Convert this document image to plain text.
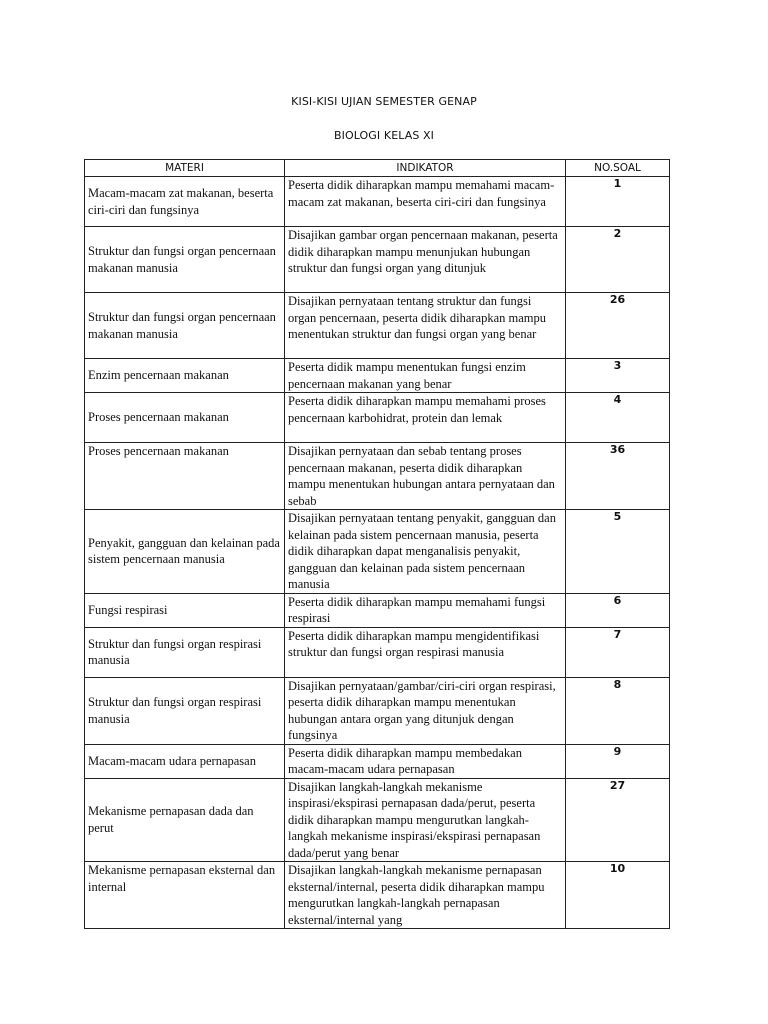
KISI-KISI UJIAN SEMESTER GENAP
BIOLOGI KELAS XI
MATERI	INDIKATOR	NO.SOAL
Macam-macam zat makanan, beserta ciri-ciri dan fungsinya	Peserta didik diharapkan mampu memahami macam-macam zat makanan, beserta ciri-ciri dan fungsinya	1
Struktur dan fungsi organ pencernaan makanan manusia	Disajikan gambar organ pencernaan makanan, peserta didik diharapkan mampu menunjukan hubungan struktur dan fungsi organ yang ditunjuk	2
Struktur dan fungsi organ pencernaan makanan manusia	Disajikan pernyataan tentang struktur dan fungsi organ pencernaan, peserta didik diharapkan mampu menentukan struktur dan fungsi organ yang benar	26
Enzim pencernaan makanan	Peserta didik mampu menentukan fungsi enzim pencernaan makanan yang benar	3
Proses pencernaan makanan	Peserta didik diharapkan mampu memahami proses pencernaan karbohidrat, protein dan lemak	4
Proses pencernaan makanan	Disajikan pernyataan dan sebab tentang proses pencernaan makanan, peserta didik diharapkan mampu menentukan hubungan antara pernyataan dan sebab	36
Penyakit, gangguan dan kelainan pada sistem pencernaan manusia	Disajikan pernyataan tentang penyakit, gangguan dan kelainan pada sistem pencernaan manusia, peserta didik diharapkan dapat menganalisis penyakit, gangguan dan kelainan pada sistem pencernaan manusia	5
Fungsi respirasi	Peserta didik diharapkan mampu memahami fungsi respirasi	6
Struktur dan fungsi organ respirasi manusia	Peserta didik diharapkan mampu mengidentifikasi struktur dan fungsi organ respirasi manusia	7
Struktur dan fungsi organ respirasi manusia	Disajikan pernyataan/gambar/ciri-ciri organ respirasi, peserta didik diharapkan mampu menentukan hubungan antara organ yang ditunjuk dengan fungsinya	8
Macam-macam udara pernapasan	Peserta didik diharapkan mampu membedakan macam-macam udara pernapasan	9
Mekanisme pernapasan dada dan perut	Disajikan langkah-langkah mekanisme inspirasi/ekspirasi pernapasan dada/perut, peserta didik diharapkan mampu mengurutkan langkah-langkah mekanisme inspirasi/ekspirasi pernapasan dada/perut yang benar	27
Mekanisme pernapasan eksternal dan internal	Disajikan langkah-langkah mekanisme pernapasan eksternal/internal, peserta didik diharapkan mampu mengurutkan langkah-langkah pernapasan eksternal/internal yang	10
